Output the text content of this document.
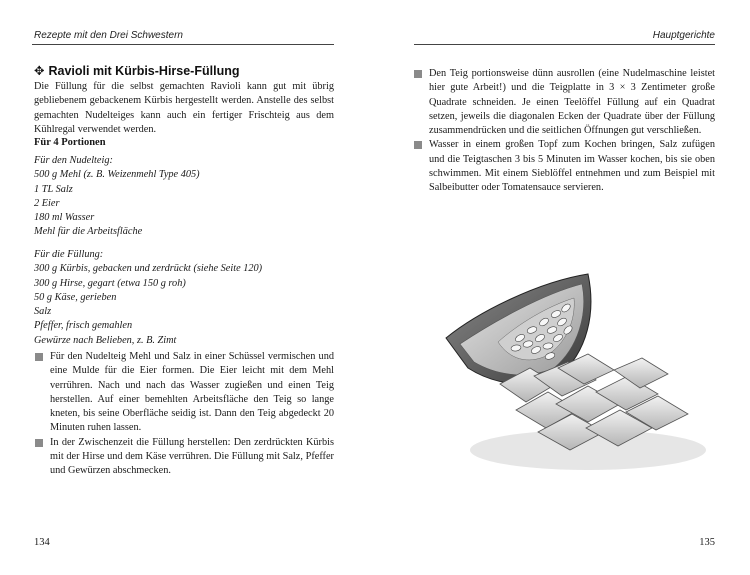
Rezepte mit den Drei Schwestern
✥ Ravioli mit Kürbis-Hirse-Füllung
Die Füllung für die selbst gemachten Ravioli kann gut mit übrig gebliebenem gebackenem Kürbis hergestellt werden. Anstelle des selbst gemachten Nudelteiges kann auch ein fertiger Frischteig aus dem Kühlregal verwendet werden.
Für 4 Portionen
Für den Nudelteig:
500 g Mehl (z. B. Weizenmehl Type 405)
1 TL Salz
2 Eier
180 ml Wasser
Mehl für die Arbeitsfläche
Für die Füllung:
300 g Kürbis, gebacken und zerdrückt (siehe Seite 120)
300 g Hirse, gegart (etwa 150 g roh)
50 g Käse, gerieben
Salz
Pfeffer, frisch gemahlen
Gewürze nach Belieben, z. B. Zimt
Für den Nudelteig Mehl und Salz in einer Schüssel vermischen und eine Mulde für die Eier formen. Die Eier leicht mit dem Mehl verrühren. Nach und nach das Wasser zugießen und einen Teig herstellen. Auf einer bemehlten Arbeitsfläche den Teig so lange kneten, bis seine Oberfläche seidig ist. Dann den Teig abgedeckt 20 Minuten ruhen lassen.
In der Zwischenzeit die Füllung herstellen: Den zerdrückten Kürbis mit der Hirse und dem Käse verrühren. Die Füllung mit Salz, Pfeffer und Gewürzen abschmecken.
134
Hauptgerichte
135
Den Teig portionsweise dünn ausrollen (eine Nudelmaschine leistet hier gute Arbeit!) und die Teigplatte in 3 × 3 Zentimeter große Quadrate schneiden. Je einen Teelöffel Füllung auf ein Quadrat setzen, jeweils die diagonalen Ecken der Quadrate über der Füllung zusammendrücken und die seitlichen Öffnungen gut verschließen.
Wasser in einem großen Topf zum Kochen bringen, Salz zufügen und die Teigtaschen 3 bis 5 Minuten im Wasser kochen, bis sie oben schwimmen. Mit einem Sieblöffel entnehmen und zum Beispiel mit Salbeibutter oder Tomatensauce servieren.
